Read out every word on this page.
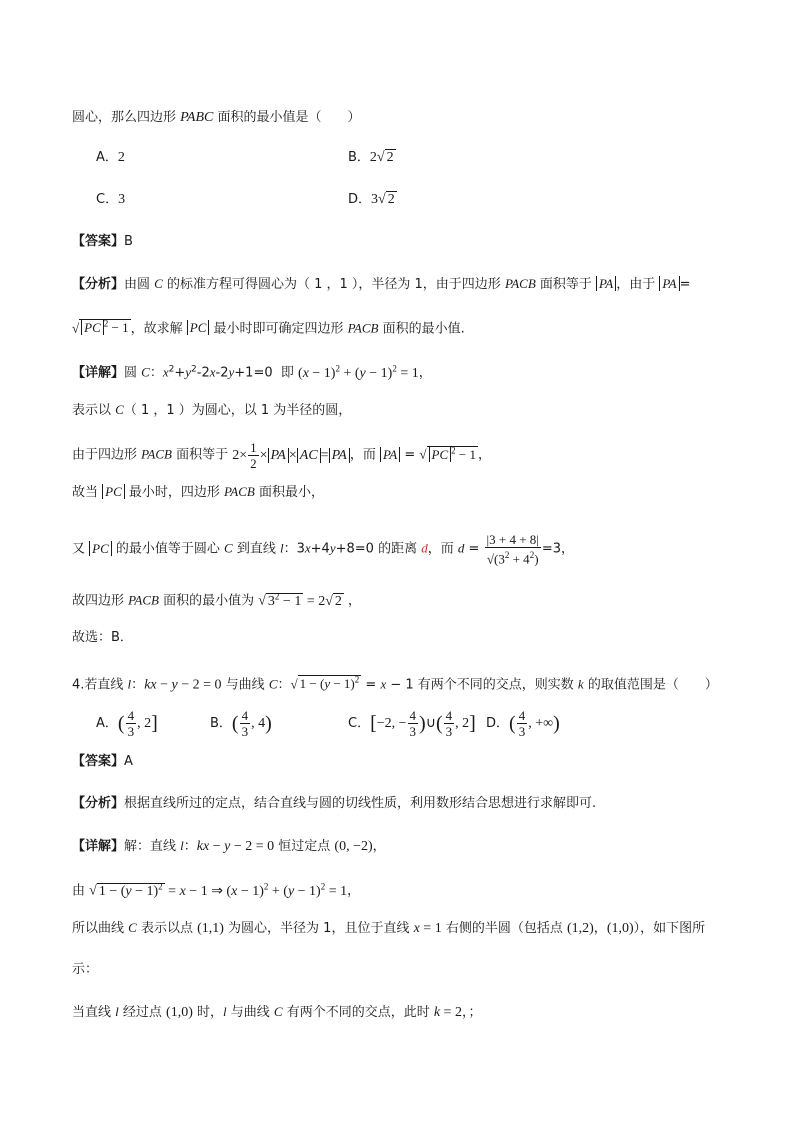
圆心，那么四边形 PABC 面积的最小值是（　　）
A．2	B．2√ 2
C．3	D．3√ 2
【答案】B
【分析】由圆 C 的标准方程可得圆心为（ 1 ，1 ），半径为 1，由于四边形 PACB 面积等于 PA ，由于 PA =
√ PC $^2$ − 1 ，故求解 PC 最小时即可确定四边形 PACB 面积的最小值.
【详解】圆 C：$x^2+y^2-2x-2y+1=0$  即 $(x - 1)^2 + (y - 1)^2 = 1$，
表示以 C（ 1 ，1 ）为圆心，以 1 为半径的圆，
由于四边形 PACB 面积等于 $2\times \frac{1}{2}$ × PA × AC = PA ，而 PA = √ PC $^2$ − 1 ，
故当 PC 最小时，四边形 PACB 面积最小，
又 PC 的最小值等于圆心 C 到直线 l：3x+4y+8=0 的距离 d，而 $d = \frac{|3 + 4 + 8|}{√(3^2 + 4^2)} =3$，
故四边形 PACB 面积的最小值为 √ $3^2 - 1 = 2√$ 2 ，
故选：B．
4.若直线 l：kx − y − 2 = 0 与曲线 C：√ $1 - (y - 1)^2 = x - 1$ 有两个不同的交点，则实数 k 的取值范围是（　　）
A．( $\frac{4}{3}$ , 2]	B．( $\frac{4}{3}$ , 4)	C．[−2, − $\frac{4}{3}$ )∪( $\frac{4}{3}$ , 2] D．( $\frac{4}{3}$ , +∞)
【答案】A
【分析】根据直线所过的定点，结合直线与圆的切线性质，利用数形结合思想进行求解即可.
【详解】解：直线 l：kx − y − 2 = 0 恒过定点 (0, −2)，
由 √ $1 - (y - 1)^2 = x - 1$ ⇒ $(x - 1)^2 + (y - 1)^2 = 1$，
所以曲线 C 表示以点 (1,1) 为圆心，半径为 1，且位于直线 x = 1 右侧的半圆（包括点 (1,2)，(1,0)），如下图所
示：
当直线 l 经过点 (1,0) 时，l 与曲线 C 有两个不同的交点，此时 k = 2，；
